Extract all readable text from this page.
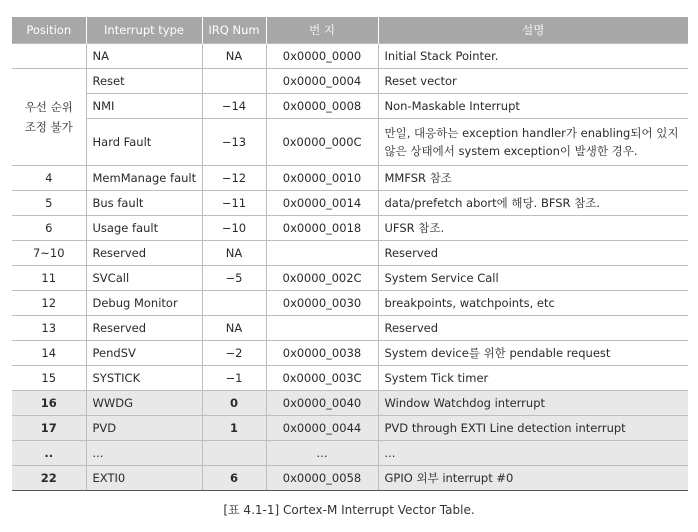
Position	Interrupt type	IRQ Num	번 지	설명
	NA	NA	0x0000_0000	Initial Stack Pointer.
우선 순위
조정 불가	Reset		0x0000_0004	Reset vector
	NMI	−14	0x0000_0008	Non-Maskable Interrupt
	Hard Fault	−13	0x0000_000C	만일, 대응하는 exception handler가 enabling되어 있지 않은 상태에서 system exception이 발생한 경우.
4	MemManage fault	−12	0x0000_0010	MMFSR 참조
5	Bus fault	−11	0x0000_0014	data/prefetch abort에 해당. BFSR 참조.
6	Usage fault	−10	0x0000_0018	UFSR 참조.
7~10	Reserved	NA		Reserved
11	SVCall	−5	0x0000_002C	System Service Call
12	Debug Monitor		0x0000_0030	breakpoints, watchpoints, etc
13	Reserved	NA		Reserved
14	PendSV	−2	0x0000_0038	System device를 위한 pendable request
15	SYSTICK	−1	0x0000_003C	System Tick timer
16	WWDG	0	0x0000_0040	Window Watchdog interrupt
17	PVD	1	0x0000_0044	PVD through EXTI Line detection interrupt
..	...		...	...
22	EXTI0	6	0x0000_0058	GPIO 외부 interrupt #0
[표 4.1-1] Cortex-M Interrupt Vector Table.
